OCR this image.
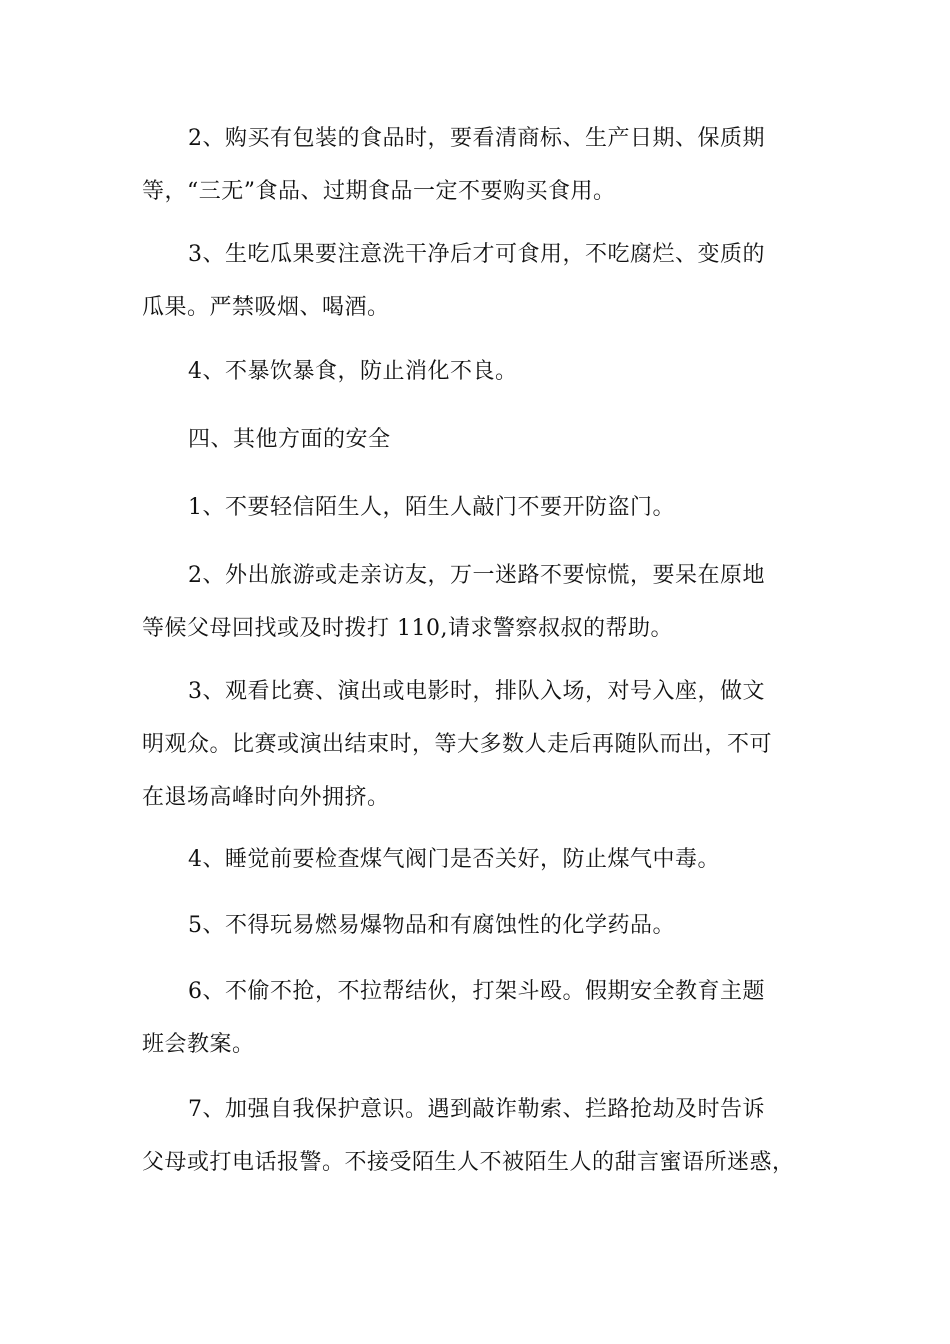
2、购买有包装的食品时，要看清商标、生产日期、保质期
等，“三无”食品、过期食品一定不要购买食用。
3、生吃瓜果要注意洗干净后才可食用，不吃腐烂、变质的
瓜果。严禁吸烟、喝酒。
4、不暴饮暴食，防止消化不良。
四、其他方面的安全
1、不要轻信陌生人，陌生人敲门不要开防盗门。
2、外出旅游或走亲访友，万一迷路不要惊慌，要呆在原地
等候父母回找或及时拨打 110,请求警察叔叔的帮助。
3、观看比赛、演出或电影时，排队入场，对号入座，做文
明观众。比赛或演出结束时，等大多数人走后再随队而出，不可
在退场高峰时向外拥挤。
4、睡觉前要检查煤气阀门是否关好，防止煤气中毒。
5、不得玩易燃易爆物品和有腐蚀性的化学药品。
6、不偷不抢，不拉帮结伙，打架斗殴。假期安全教育主题
班会教案。
7、加强自我保护意识。遇到敲诈勒索、拦路抢劫及时告诉
父母或打电话报警。不接受陌生人不被陌生人的甜言蜜语所迷惑，
